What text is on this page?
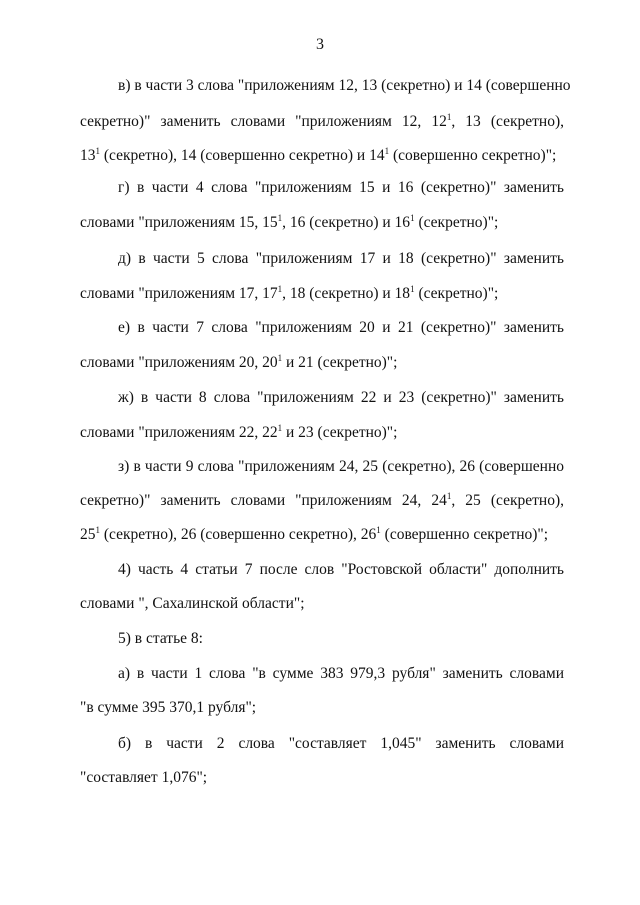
3
в) в части 3 слова "приложениям 12, 13 (секретно) и 14 (совершенно
секретно)" заменить словами "приложениям 12, $12^1$, 13 (секретно),
$13^1$ (секретно), 14 (совершенно секретно) и $14^1$ (совершенно секретно)";
г) в части 4 слова "приложениям 15 и 16 (секретно)" заменить
словами "приложениям 15, $15^1$, 16 (секретно) и $16^1$ (секретно)";
д) в части 5 слова "приложениям 17 и 18 (секретно)" заменить
словами "приложениям 17, $17^1$, 18 (секретно) и $18^1$ (секретно)";
е) в части 7 слова "приложениям 20 и 21 (секретно)" заменить
словами "приложениям 20, $20^1$ и 21 (секретно)";
ж) в части 8 слова "приложениям 22 и 23 (секретно)" заменить
словами "приложениям 22, $22^1$ и 23 (секретно)";
з) в части 9 слова "приложениям 24, 25 (секретно), 26 (совершенно
секретно)" заменить словами "приложениям 24, $24^1$, 25 (секретно),
$25^1$ (секретно), 26 (совершенно секретно), $26^1$ (совершенно секретно)";
4) часть 4 статьи 7 после слов "Ростовской области" дополнить
словами ", Сахалинской области";
5) в статье 8:
а) в части 1 слова "в сумме 383 979,3 рубля" заменить словами
"в сумме 395 370,1 рубля";
б) в части 2 слова "составляет 1,045" заменить словами
"составляет 1,076";
